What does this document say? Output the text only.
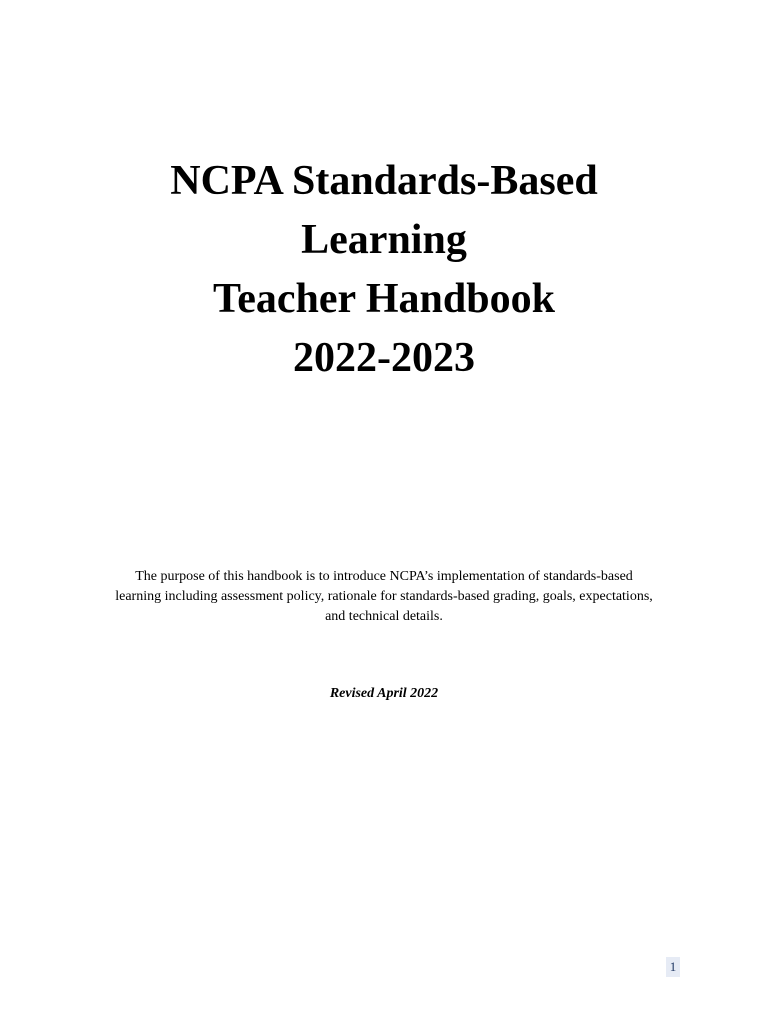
NCPA Standards-Based
Learning
Teacher Handbook
2022-2023
The purpose of this handbook is to introduce NCPA’s implementation of standards-based
learning including assessment policy, rationale for standards-based grading, goals, expectations,
and technical details.
Revised April 2022
1
